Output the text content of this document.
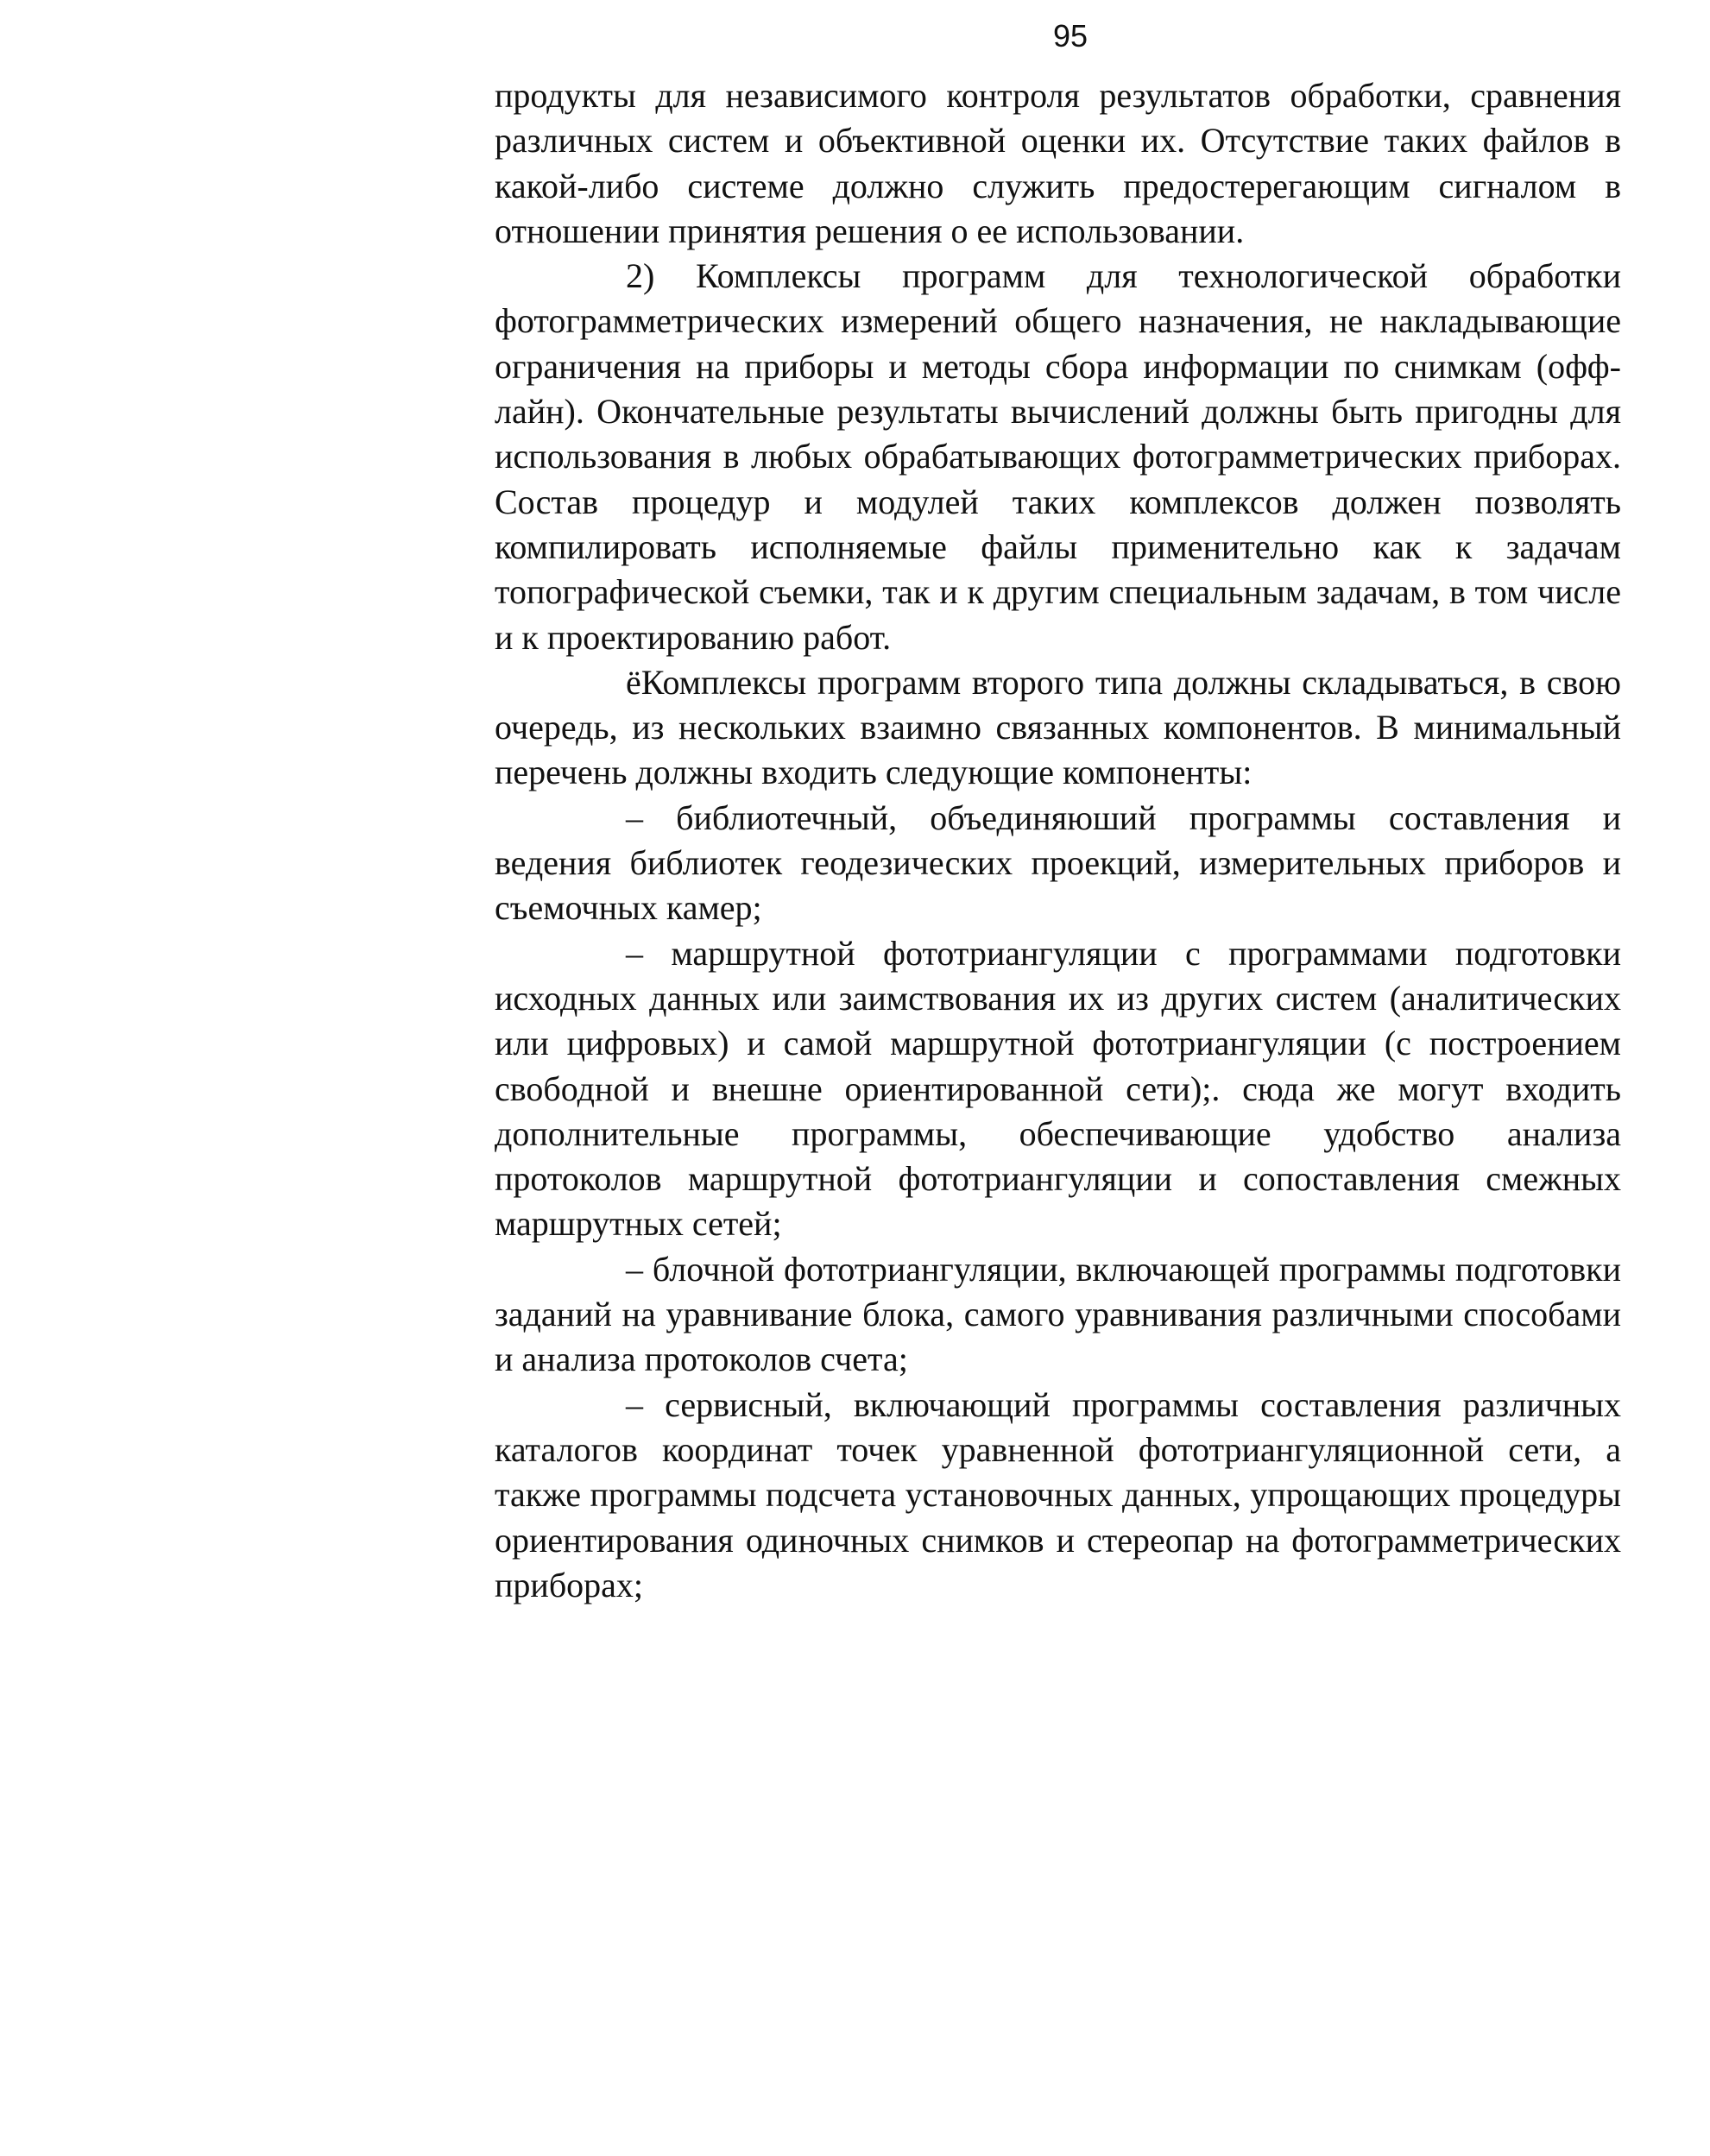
95

продукты для независимого контроля результатов обработки, сравнения различных систем и объективной оценки их. Отсутствие таких файлов в какой-либо системе должно служить предостерегающим сигналом в отношении принятия решения о ее использовании.

2) Комплексы программ для технологической обработки фотограмметрических измерений общего назначения, не накладывающие ограничения на приборы и методы сбора информации по снимкам (офф-лайн). Окончательные результаты вычислений должны быть пригодны для использования в любых обрабатывающих фотограмметрических приборах. Состав процедур и модулей таких комплексов должен позволять компилировать исполняемые файлы применительно как к задачам топографической съемки, так и к другим специальным задачам, в том числе и к проектированию работ.

ёКомплексы программ второго типа должны складываться, в свою очередь, из нескольких взаимно связанных компонентов. В минимальный перечень должны входить следующие компоненты:

– библиотечный, объединяюший программы составления и ведения библиотек геодезических проекций, измерительных приборов и съемочных камер;

– маршрутной фототриангуляции с программами подготовки исходных данных или заимствования их из других систем (аналитических или цифровых) и самой маршрутной фототриангуляции (с построением свободной и внешне ориентированной сети);. сюда же могут входить дополнительные программы, обеспечивающие удобство анализа протоколов маршрутной фототриангуляции и сопоставления смежных маршрутных сетей;

– блочной фототриангуляции, включающей программы подготовки заданий на уравнивание блока, самого уравнивания различными способами и анализа протоколов счета;

– сервисный, включающий программы составления различных каталогов координат точек уравненной фототриангуляционной сети, а также программы подсчета установочных данных, упрощающих процедуры ориентирования одиночных снимков и стереопар на фотограмметрических приборах;
